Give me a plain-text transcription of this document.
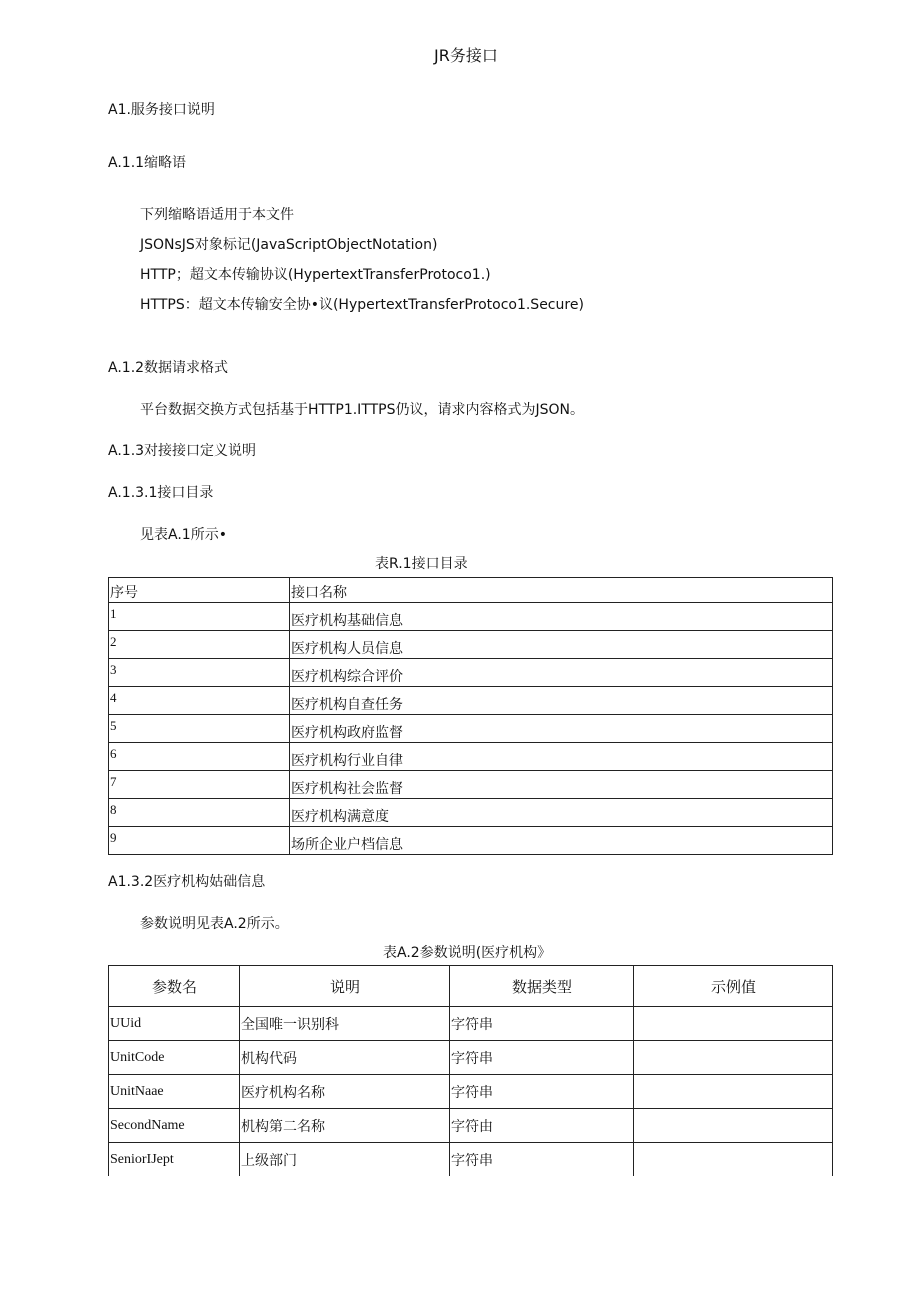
JR务接口
A1.服务接口说明
A.1.1缩略语
下列缩略语适用于本文件
JSONsJS对象标记(JavaScriptObjectNotation)
HTTP；超文本传输协议(HypertextTransferProtoco1.)
HTTPS：超文本传输安全协•议(HypertextTransferProtoco1.Secure)
A.1.2数据请求格式
平台数据交换方式包括基于HTTP1.ITTPS仍议，请求内容格式为JSON。
A.1.3对接接口定义说明
A.1.3.1接口目录
见表A.1所示•
表R.1接口目录
序号	接口名称
1	医疗机构基础信息
2	医疗机构人员信息
3	医疗机构综合评价
4	医疗机构自查任务
5	医疗机构政府监督
6	医疗机构行业自律
7	医疗机构社会监督
8	医疗机构满意度
9	场所企业户档信息
A1.3.2医疗机构姑础信息
参数说明见表A.2所示。
表A.2参数说明(医疗机构》
参数名	说明	数据类型	示例值
UUid	全国唯一识别科	字符串	
UnitCode	机构代码	字符串	
UnitNaae	医疗机构名称	字符串	
SecondName	机构第二名称	字符由	
SeniorIJept	上级部门	字符串	
